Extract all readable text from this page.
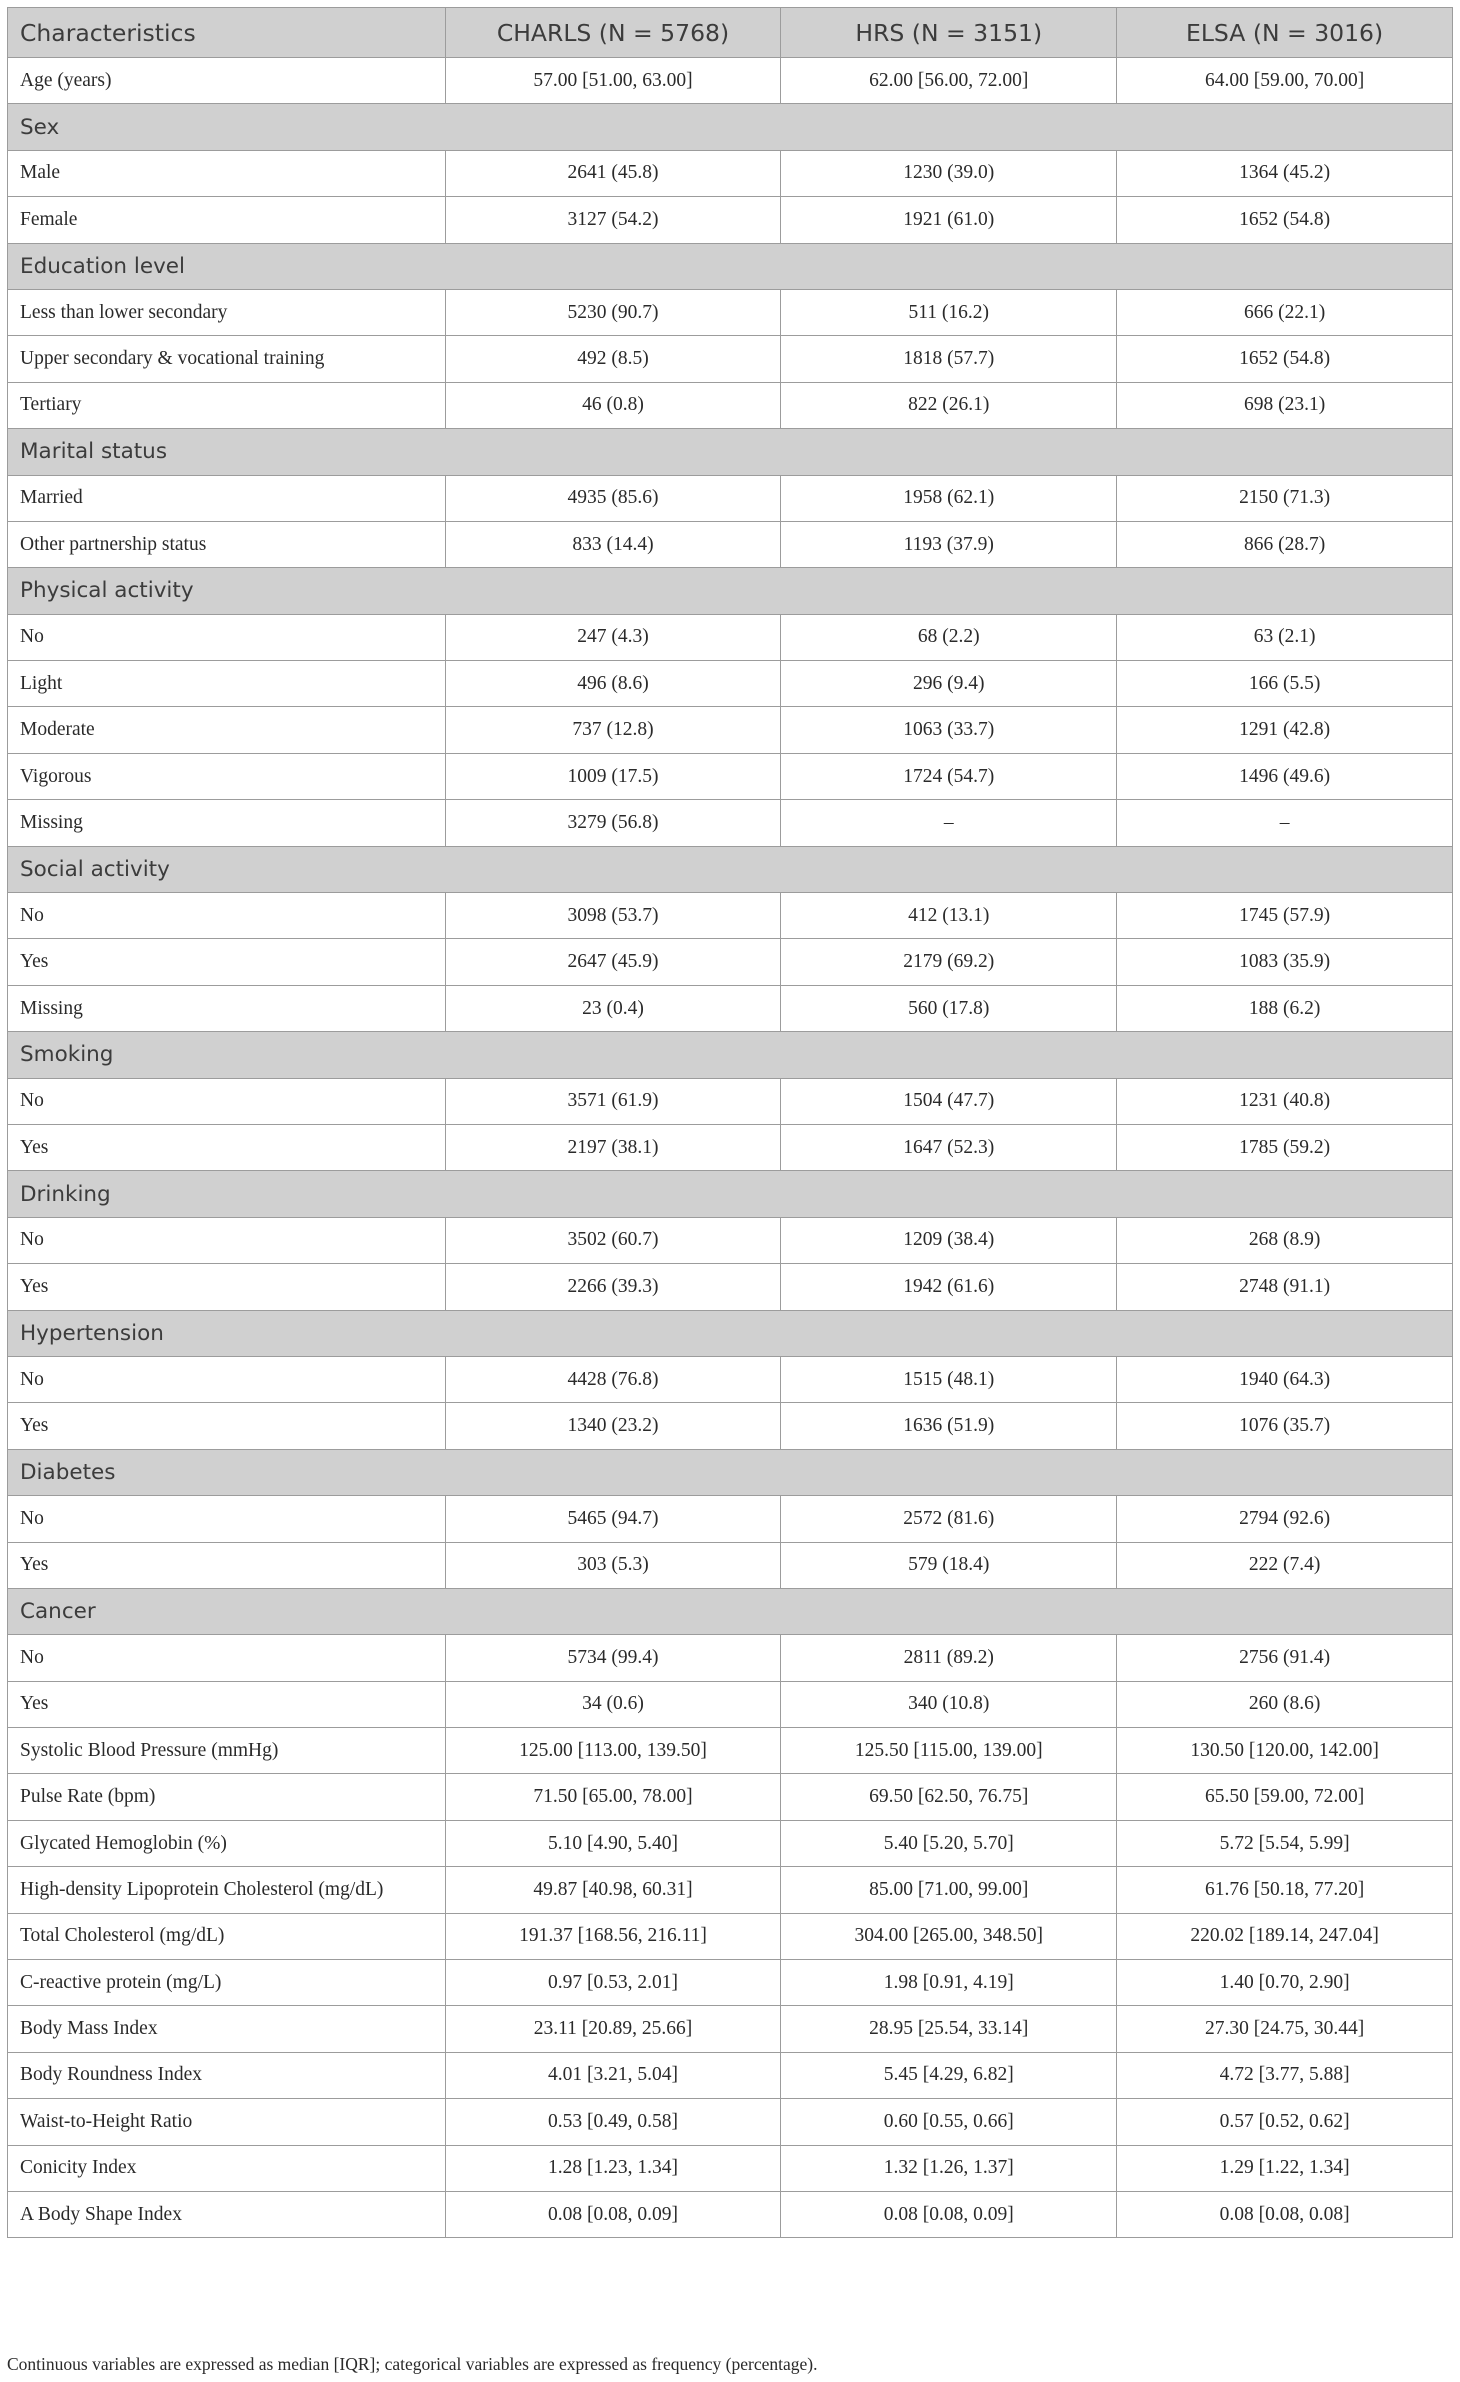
Characteristics	CHARLS (N = 5768)	HRS (N = 3151)	ELSA (N = 3016)
Age (years)	57.00 [51.00, 63.00]	62.00 [56.00, 72.00]	64.00 [59.00, 70.00]
Sex			
Male	2641 (45.8)	1230 (39.0)	1364 (45.2)
Female	3127 (54.2)	1921 (61.0)	1652 (54.8)
Education level			
Less than lower secondary	5230 (90.7)	511 (16.2)	666 (22.1)
Upper secondary & vocational training	492 (8.5)	1818 (57.7)	1652 (54.8)
Tertiary	46 (0.8)	822 (26.1)	698 (23.1)
Marital status			
Married	4935 (85.6)	1958 (62.1)	2150 (71.3)
Other partnership status	833 (14.4)	1193 (37.9)	866 (28.7)
Physical activity			
No	247 (4.3)	68 (2.2)	63 (2.1)
Light	496 (8.6)	296 (9.4)	166 (5.5)
Moderate	737 (12.8)	1063 (33.7)	1291 (42.8)
Vigorous	1009 (17.5)	1724 (54.7)	1496 (49.6)
Missing	3279 (56.8)	–	–
Social activity			
No	3098 (53.7)	412 (13.1)	1745 (57.9)
Yes	2647 (45.9)	2179 (69.2)	1083 (35.9)
Missing	23 (0.4)	560 (17.8)	188 (6.2)
Smoking			
No	3571 (61.9)	1504 (47.7)	1231 (40.8)
Yes	2197 (38.1)	1647 (52.3)	1785 (59.2)
Drinking			
No	3502 (60.7)	1209 (38.4)	268 (8.9)
Yes	2266 (39.3)	1942 (61.6)	2748 (91.1)
Hypertension			
No	4428 (76.8)	1515 (48.1)	1940 (64.3)
Yes	1340 (23.2)	1636 (51.9)	1076 (35.7)
Diabetes			
No	5465 (94.7)	2572 (81.6)	2794 (92.6)
Yes	303 (5.3)	579 (18.4)	222 (7.4)
Cancer			
No	5734 (99.4)	2811 (89.2)	2756 (91.4)
Yes	34 (0.6)	340 (10.8)	260 (8.6)
Systolic Blood Pressure (mmHg)	125.00 [113.00, 139.50]	125.50 [115.00, 139.00]	130.50 [120.00, 142.00]
Pulse Rate (bpm)	71.50 [65.00, 78.00]	69.50 [62.50, 76.75]	65.50 [59.00, 72.00]
Glycated Hemoglobin (%)	5.10 [4.90, 5.40]	5.40 [5.20, 5.70]	5.72 [5.54, 5.99]
High-density Lipoprotein Cholesterol (mg/dL)	49.87 [40.98, 60.31]	85.00 [71.00, 99.00]	61.76 [50.18, 77.20]
Total Cholesterol (mg/dL)	191.37 [168.56, 216.11]	304.00 [265.00, 348.50]	220.02 [189.14, 247.04]
C-reactive protein (mg/L)	0.97 [0.53, 2.01]	1.98 [0.91, 4.19]	1.40 [0.70, 2.90]
Body Mass Index	23.11 [20.89, 25.66]	28.95 [25.54, 33.14]	27.30 [24.75, 30.44]
Body Roundness Index	4.01 [3.21, 5.04]	5.45 [4.29, 6.82]	4.72 [3.77, 5.88]
Waist-to-Height Ratio	0.53 [0.49, 0.58]	0.60 [0.55, 0.66]	0.57 [0.52, 0.62]
Conicity Index	1.28 [1.23, 1.34]	1.32 [1.26, 1.37]	1.29 [1.22, 1.34]
A Body Shape Index	0.08 [0.08, 0.09]	0.08 [0.08, 0.09]	0.08 [0.08, 0.08]
Continuous variables are expressed as median [IQR]; categorical variables are expressed as frequency (percentage).
